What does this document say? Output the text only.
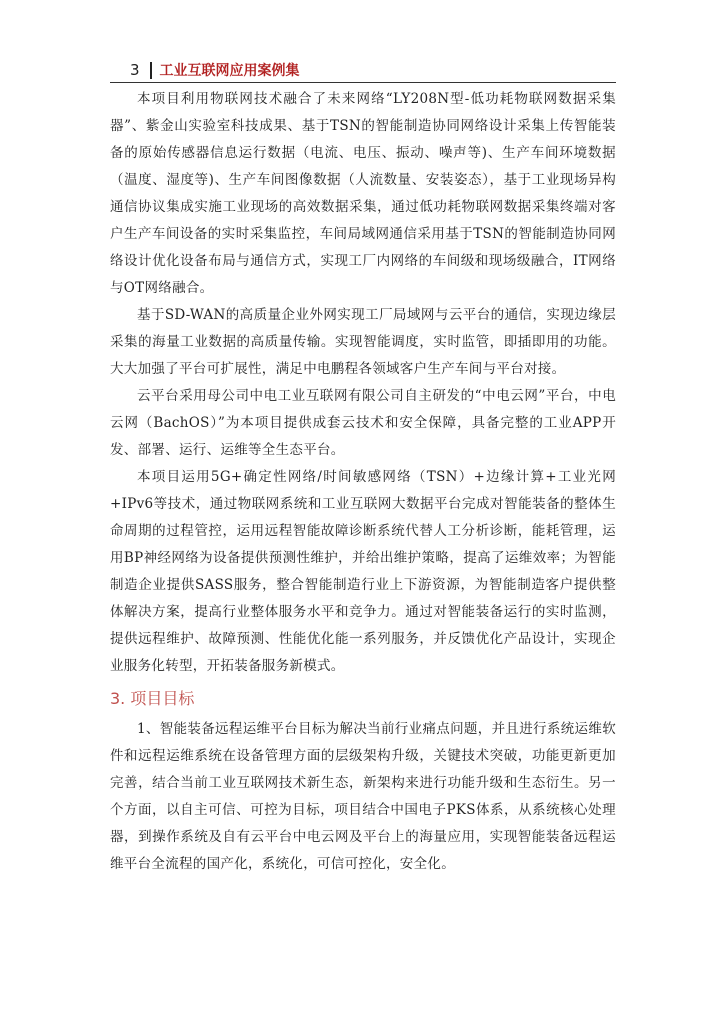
3 工业互联网应用案例集

本项目利用物联网技术融合了未来网络“LY208N型-低功耗物联网数据采集器”、紫金山实验室科技成果、基于TSN的智能制造协同网络设计采集上传智能装备的原始传感器信息运行数据（电流、电压、振动、噪声等)、生产车间环境数据（温度、湿度等)、生产车间图像数据（人流数量、安装姿态），基于工业现场异构通信协议集成实施工业现场的高效数据采集，通过低功耗物联网数据采集终端对客户生产车间设备的实时采集监控，车间局域网通信采用基于TSN的智能制造协同网络设计优化设备布局与通信方式，实现工厂内网络的车间级和现场级融合，IT网络与OT网络融合。

基于SD-WAN的高质量企业外网实现工厂局域网与云平台的通信，实现边缘层采集的海量工业数据的高质量传输。实现智能调度，实时监管，即插即用的功能。大大加强了平台可扩展性，满足中电鹏程各领域客户生产车间与平台对接。

云平台采用母公司中电工业互联网有限公司自主研发的“中电云网”平台，中电云网（BachOS）”为本项目提供成套云技术和安全保障，具备完整的工业APP开发、部署、运行、运维等全生态平台。

本项目运用5G+确定性网络/时间敏感网络（TSN）+边缘计算+工业光网+IPv6等技术，通过物联网系统和工业互联网大数据平台完成对智能装备的整体生命周期的过程管控，运用远程智能故障诊断系统代替人工分析诊断，能耗管理，运用BP神经网络为设备提供预测性维护，并给出维护策略，提高了运维效率；为智能制造企业提供SASS服务，整合智能制造行业上下游资源，为智能制造客户提供整体解决方案，提高行业整体服务水平和竞争力。通过对智能装备运行的实时监测，提供远程维护、故障预测、性能优化能一系列服务，并反馈优化产品设计，实现企业服务化转型，开拓装备服务新模式。

3. 项目目标

1、智能装备远程运维平台目标为解决当前行业痛点问题，并且进行系统运维软件和远程运维系统在设备管理方面的层级架构升级，关键技术突破，功能更新更加完善，结合当前工业互联网技术新生态，新架构来进行功能升级和生态衍生。另一个方面，以自主可信、可控为目标，项目结合中国电子PKS体系，从系统核心处理器，到操作系统及自有云平台中电云网及平台上的海量应用，实现智能装备远程运维平台全流程的国产化，系统化，可信可控化，安全化。
